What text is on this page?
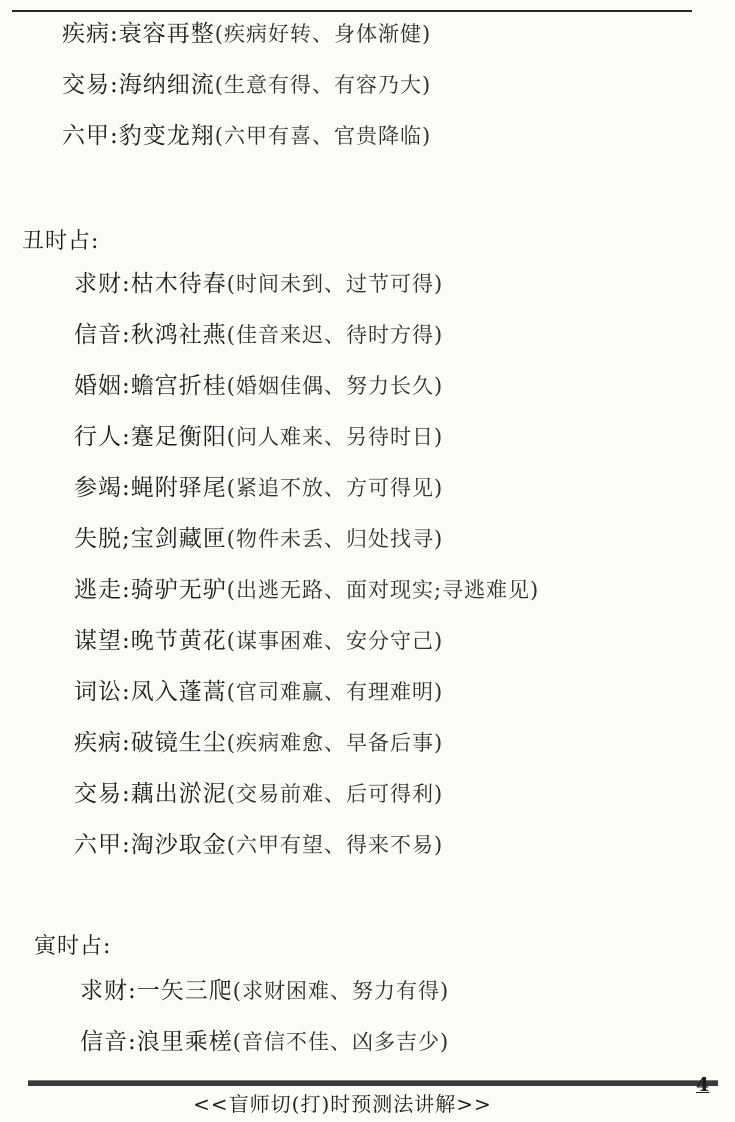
疾病:衰容再整(疾病好转、身体渐健)
交易:海纳细流(生意有得、有容乃大)
六甲:豹变龙翔(六甲有喜、官贵降临)
丑时占:
求财:枯木待春(时间未到、过节可得)
信音:秋鸿社燕(佳音来迟、待时方得)
婚姻:蟾宫折桂(婚姻佳偶、努力长久)
行人:蹇足衡阳(问人难来、另待时日)
参竭:蝇附驿尾(紧追不放、方可得见)
失脱;宝剑藏匣(物件未丢、归处找寻)
逃走:骑驴无驴(出逃无路、面对现实;寻逃难见)
谋望:晚节黄花(谋事困难、安分守己)
词讼:凤入蓬蒿(官司难赢、有理难明)
疾病:破镜生尘(疾病难愈、早备后事)
交易:藕出淤泥(交易前难、后可得利)
六甲:淘沙取金(六甲有望、得来不易)
寅时占:
求财:一矢三爬(求财困难、努力有得)
信音:浪里乘槎(音信不佳、凶多吉少)
4
<<盲师切(打)时预测法讲解>>
